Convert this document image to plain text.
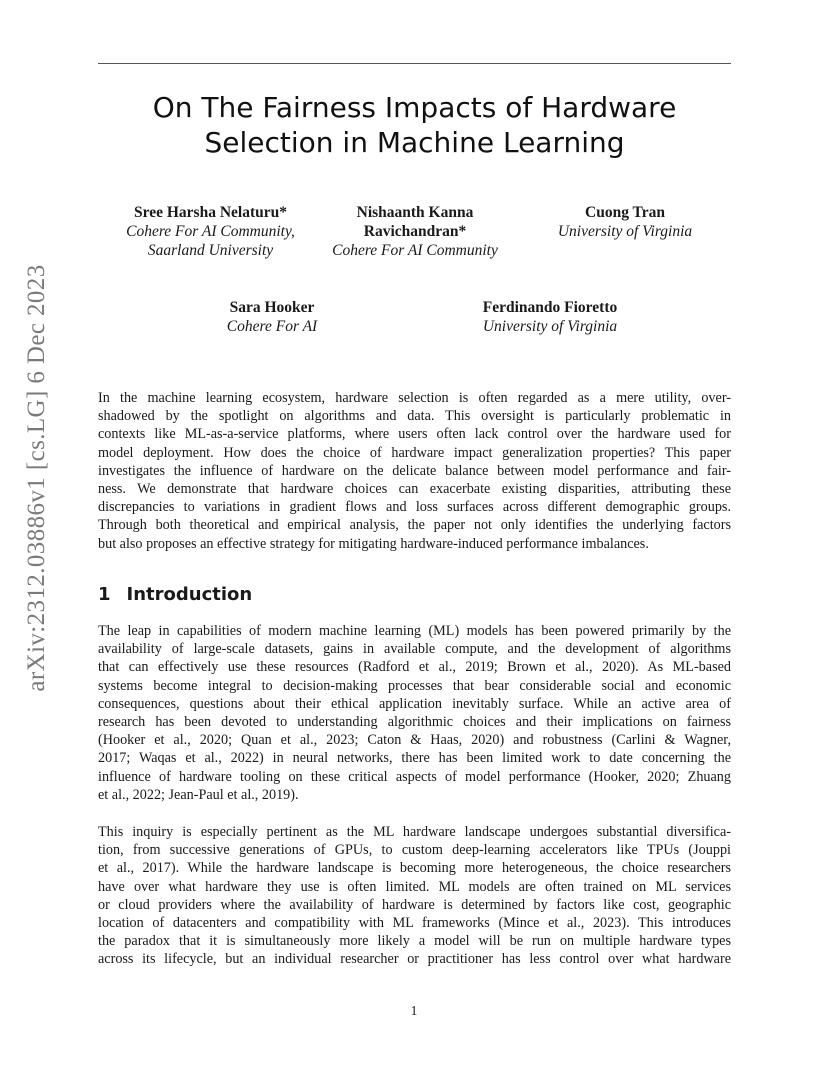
On The Fairness Impacts of Hardware
Selection in Machine Learning
Sree Harsha Nelaturu*
Cohere For AI Community,
Saarland University
Nishaanth Kanna
Ravichandran*
Cohere For AI Community
Cuong Tran
University of Virginia
Sara Hooker
Cohere For AI
Ferdinando Fioretto
University of Virginia
arXiv:2312.03886v1 [cs.LG] 6 Dec 2023	In the machine learning ecosystem, hardware selection is often regarded as a mere utility, over-
shadowed by the spotlight on algorithms and data. This oversight is particularly problematic in
contexts like ML-as-a-service platforms, where users often lack control over the hardware used for
model deployment. How does the choice of hardware impact generalization properties? This paper
investigates the influence of hardware on the delicate balance between model performance and fair-
ness. We demonstrate that hardware choices can exacerbate existing disparities, attributing these
discrepancies to variations in gradient flows and loss surfaces across different demographic groups.
Through both theoretical and empirical analysis, the paper not only identifies the underlying factors
but also proposes an effective strategy for mitigating hardware-induced performance imbalances.
1 Introduction
The leap in capabilities of modern machine learning (ML) models has been powered primarily by the
availability of large-scale datasets, gains in available compute, and the development of algorithms
that can effectively use these resources (Radford et al., 2019; Brown et al., 2020). As ML-based
systems become integral to decision-making processes that bear considerable social and economic
consequences, questions about their ethical application inevitably surface. While an active area of
research has been devoted to understanding algorithmic choices and their implications on fairness
(Hooker et al., 2020; Quan et al., 2023; Caton & Haas, 2020) and robustness (Carlini & Wagner,
2017; Waqas et al., 2022) in neural networks, there has been limited work to date concerning the
influence of hardware tooling on these critical aspects of model performance (Hooker, 2020; Zhuang
et al., 2022; Jean-Paul et al., 2019).
This inquiry is especially pertinent as the ML hardware landscape undergoes substantial diversifica-
tion, from successive generations of GPUs, to custom deep-learning accelerators like TPUs (Jouppi
et al., 2017). While the hardware landscape is becoming more heterogeneous, the choice researchers
have over what hardware they use is often limited. ML models are often trained on ML services
or cloud providers where the availability of hardware is determined by factors like cost, geographic
location of datacenters and compatibility with ML frameworks (Mince et al., 2023). This introduces
the paradox that it is simultaneously more likely a model will be run on multiple hardware types
across its lifecycle, but an individual researcher or practitioner has less control over what hardware
1
